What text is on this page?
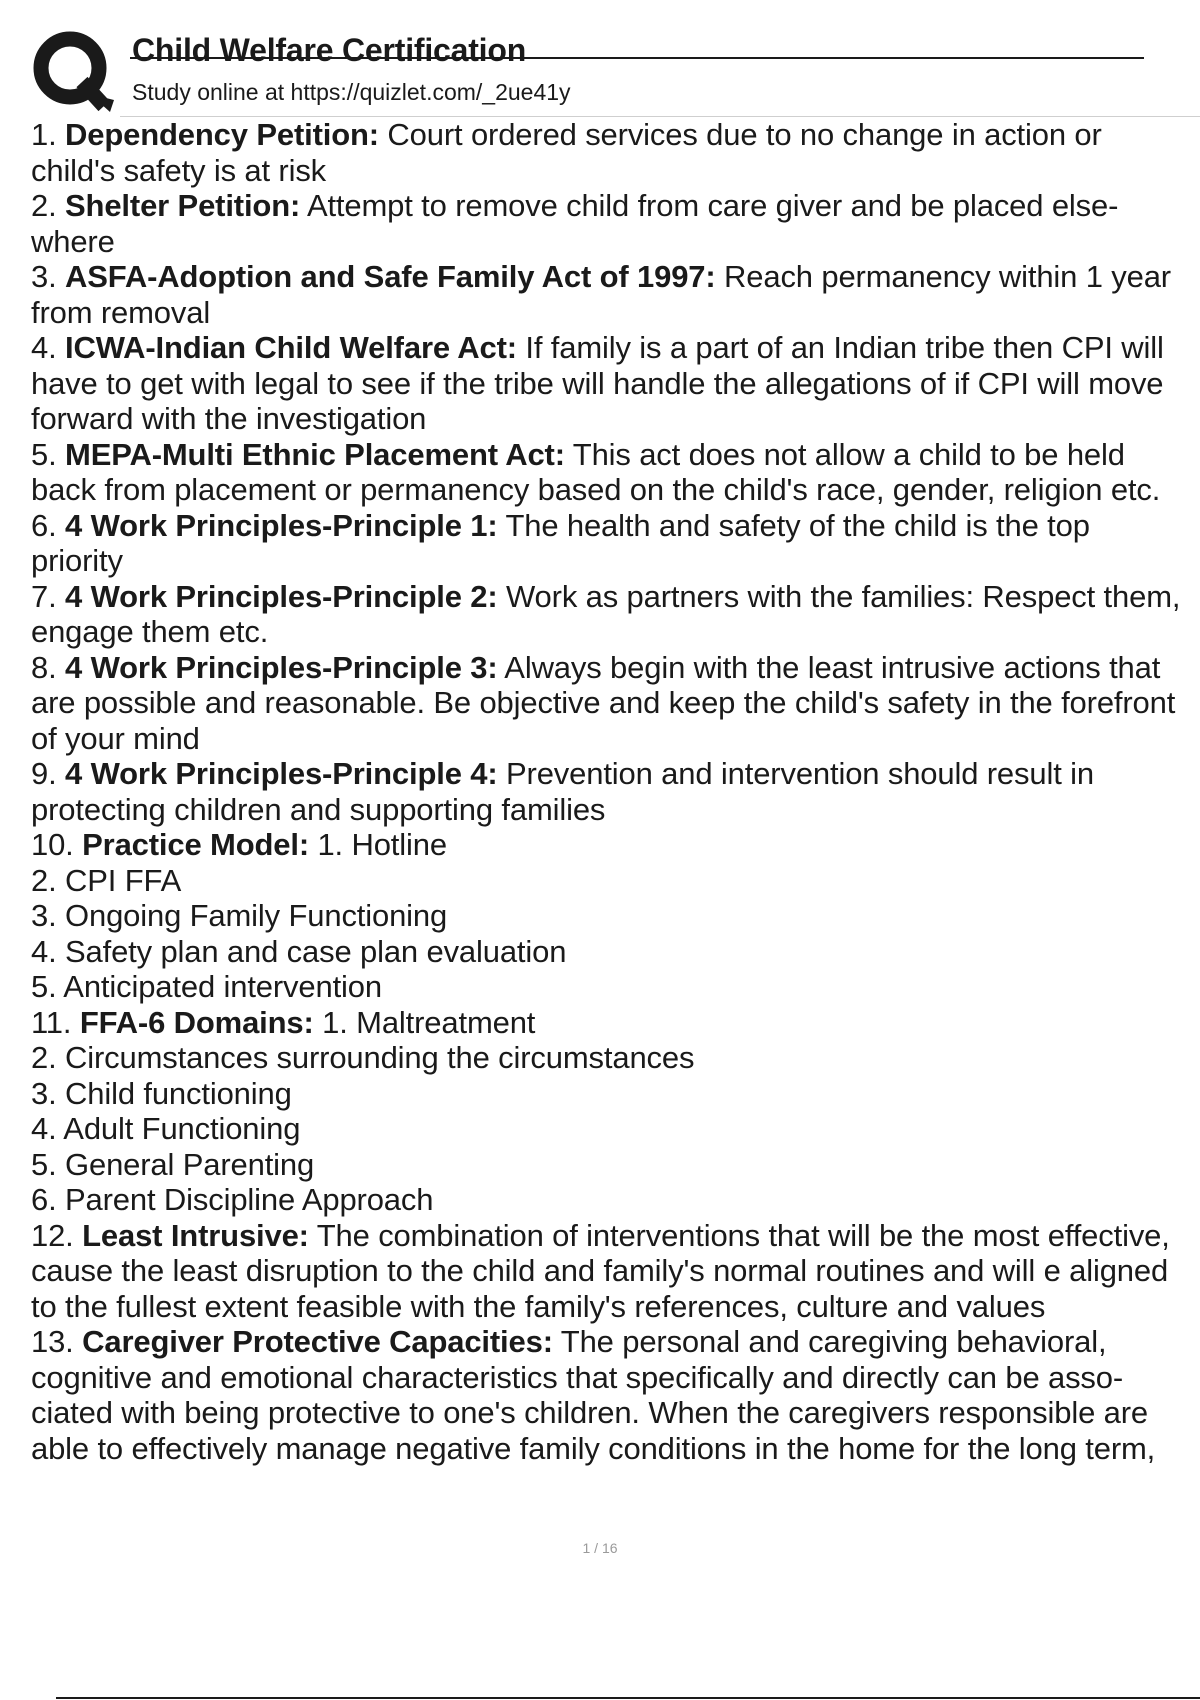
Child Welfare Certification
Study online at https://quizlet.com/_2ue41y
1. Dependency Petition: Court ordered services due to no change in action or
child's safety is at risk
2. Shelter Petition: Attempt to remove child from care giver and be placed else-
where
3. ASFA-Adoption and Safe Family Act of 1997: Reach permanency within 1 year
from removal
4. ICWA-Indian Child Welfare Act: If family is a part of an Indian tribe then CPI will
have to get with legal to see if the tribe will handle the allegations of if CPI will move
forward with the investigation
5. MEPA-Multi Ethnic Placement Act: This act does not allow a child to be held
back from placement or permanency based on the child's race, gender, religion etc.
6. 4 Work Principles-Principle 1: The health and safety of the child is the top
priority
7. 4 Work Principles-Principle 2: Work as partners with the families: Respect them,
engage them etc.
8. 4 Work Principles-Principle 3: Always begin with the least intrusive actions that
are possible and reasonable. Be objective and keep the child's safety in the forefront
of your mind
9. 4 Work Principles-Principle 4: Prevention and intervention should result in
protecting children and supporting families
10. Practice Model: 1. Hotline
2. CPI FFA
3. Ongoing Family Functioning
4. Safety plan and case plan evaluation
5. Anticipated intervention
11. FFA-6 Domains: 1. Maltreatment
2. Circumstances surrounding the circumstances
3. Child functioning
4. Adult Functioning
5. General Parenting
6. Parent Discipline Approach
12. Least Intrusive: The combination of interventions that will be the most effective,
cause the least disruption to the child and family's normal routines and will e aligned
to the fullest extent feasible with the family's references, culture and values
13. Caregiver Protective Capacities: The personal and caregiving behavioral,
cognitive and emotional characteristics that specifically and directly can be asso-
ciated with being protective to one's children. When the caregivers responsible are
able to effectively manage negative family conditions in the home for the long term,
1 / 16
